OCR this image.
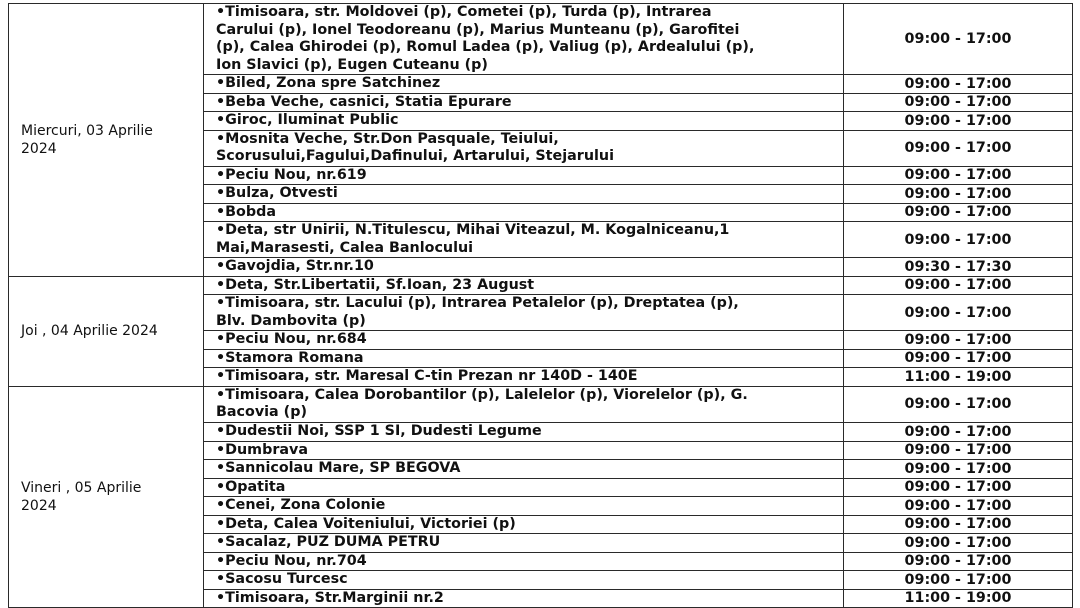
Miercuri, 03 Aprilie
2024	•Timisoara, str. Moldovei (p), Cometei (p), Turda (p), Intrarea
Carului (p), Ionel Teodoreanu (p), Marius Munteanu (p), Garofitei
(p), Calea Ghirodei (p), Romul Ladea (p), Valiug (p), Ardealului (p),
Ion Slavici (p), Eugen Cuteanu (p)	09:00 - 17:00

	•Biled, Zona spre Satchinez	09:00 - 17:00

	•Beba Veche, casnici, Statia Epurare	09:00 - 17:00

	•Giroc, Iluminat Public	09:00 - 17:00

	•Mosnita Veche, Str.Don Pasquale, Teiului,
Scorusului,Fagului,Dafinului, Artarului, Stejarului	09:00 - 17:00

	•Peciu Nou, nr.619	09:00 - 17:00

	•Bulza, Otvesti	09:00 - 17:00

	•Bobda	09:00 - 17:00

	•Deta, str Unirii, N.Titulescu, Mihai Viteazul, M. Kogalniceanu,1
Mai,Marasesti, Calea Banlocului	09:00 - 17:00

	•Gavojdia, Str.nr.10	09:30 - 17:30

Joi , 04 Aprilie 2024	•Deta, Str.Libertatii, Sf.Ioan, 23 August	09:00 - 17:00

	•Timisoara, str. Lacului (p), Intrarea Petalelor (p), Dreptatea (p),
Blv. Dambovita (p)	09:00 - 17:00

	•Peciu Nou, nr.684	09:00 - 17:00

	•Stamora Romana	09:00 - 17:00

	•Timisoara, str. Maresal C-tin Prezan nr 140D - 140E	11:00 - 19:00

Vineri , 05 Aprilie
2024	•Timisoara, Calea Dorobantilor (p), Lalelelor (p), Viorelelor (p), G.
Bacovia (p)	09:00 - 17:00

	•Dudestii Noi, SSP 1 SI, Dudesti Legume	09:00 - 17:00

	•Dumbrava	09:00 - 17:00

	•Sannicolau Mare, SP BEGOVA	09:00 - 17:00

	•Opatita	09:00 - 17:00

	•Cenei, Zona Colonie	09:00 - 17:00

	•Deta, Calea Voiteniului, Victoriei (p)	09:00 - 17:00

	•Sacalaz, PUZ DUMA PETRU	09:00 - 17:00

	•Peciu Nou, nr.704	09:00 - 17:00

	•Sacosu Turcesc	09:00 - 17:00

	•Timisoara, Str.Marginii nr.2	11:00 - 19:00
